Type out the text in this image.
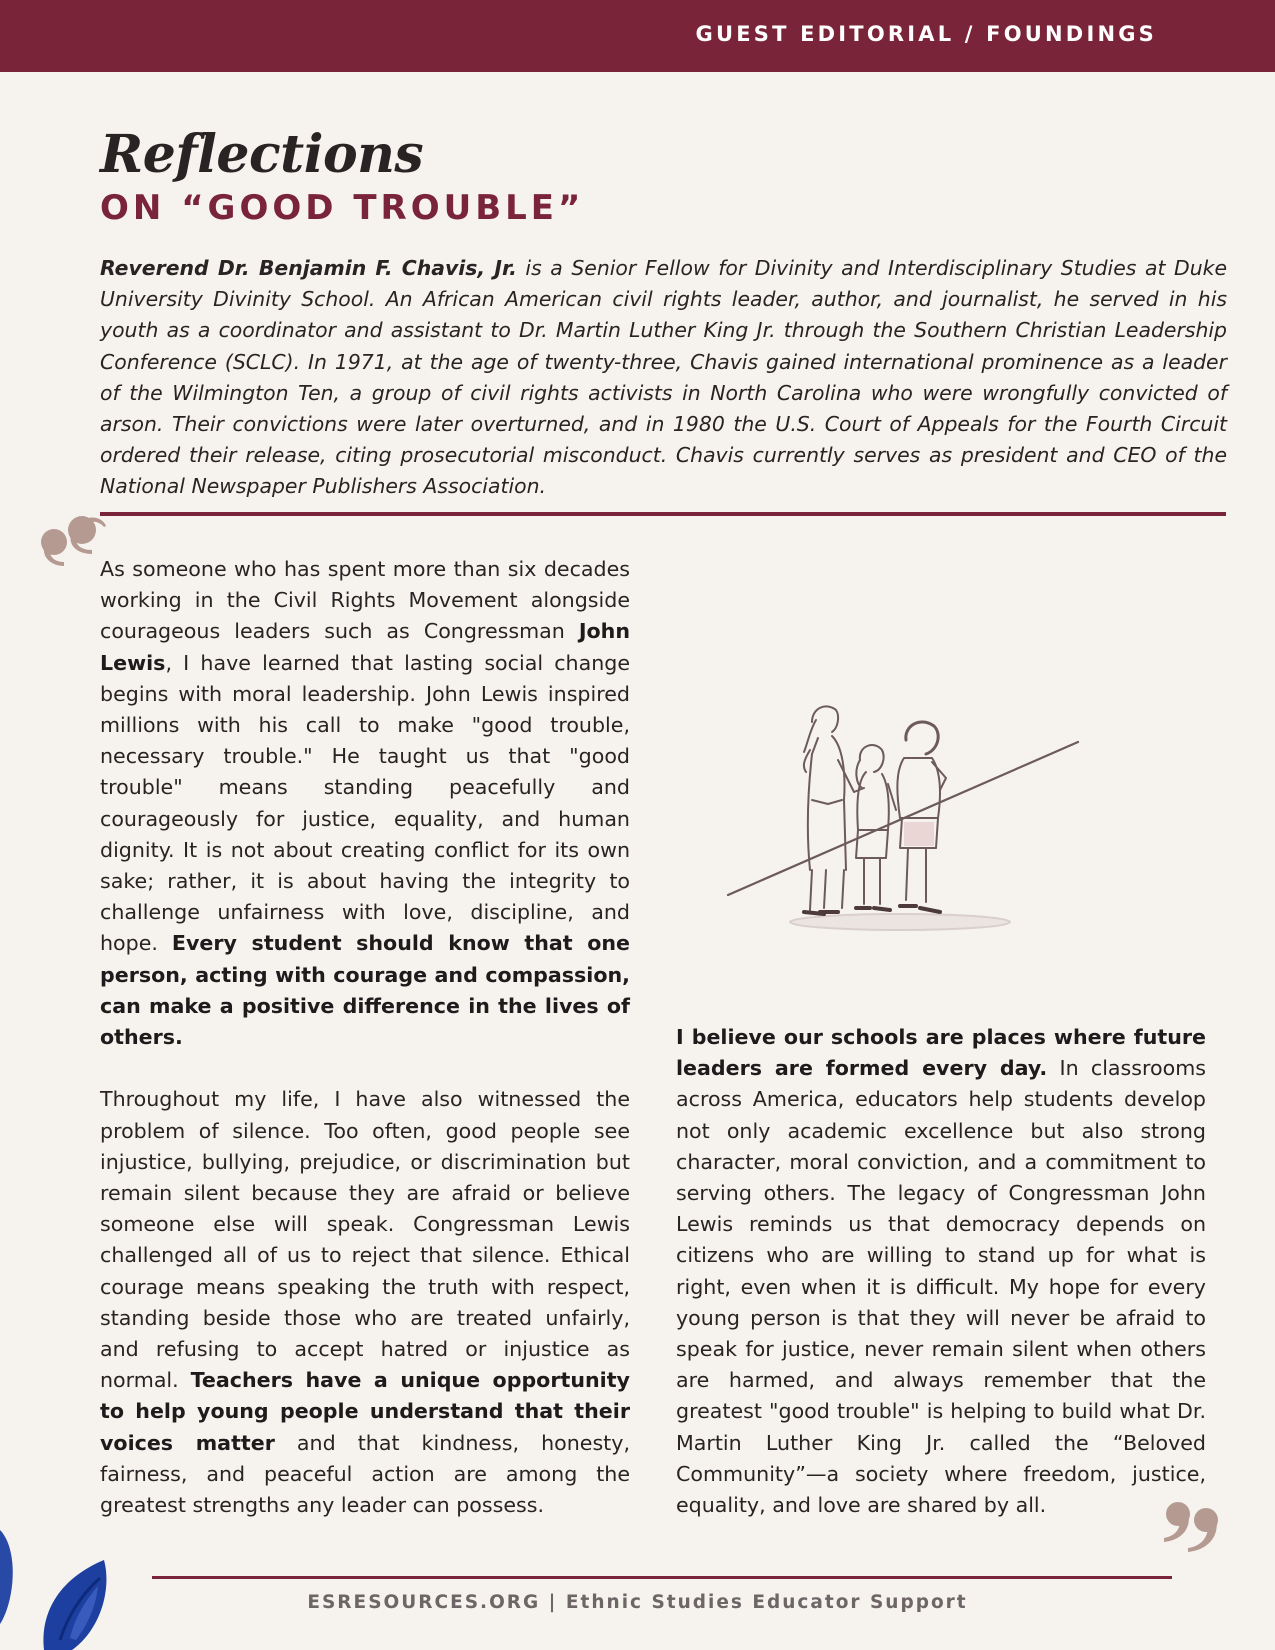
GUEST EDITORIAL / FOUNDINGS
Reflections
ON “GOOD TROUBLE”

Reverend Dr. Benjamin F. Chavis, Jr. is a Senior Fellow for Divinity and Interdisciplinary Studies at Duke University Divinity School. An African American civil rights leader, author, and journalist, he served in his youth as a coordinator and assistant to Dr. Martin Luther King Jr. through the Southern Christian Leadership Conference (SCLC). In 1971, at the age of twenty-three, Chavis gained international prominence as a leader of the Wilmington Ten, a group of civil rights activists in North Carolina who were wrongfully convicted of arson. Their convictions were later overturned, and in 1980 the U.S. Court of Appeals for the Fourth Circuit ordered their release, citing prosecutorial misconduct. Chavis currently serves as president and CEO of the National Newspaper Publishers Association.

As someone who has spent more than six decades working in the Civil Rights Movement alongside courageous leaders such as Congressman John Lewis, I have learned that lasting social change begins with moral leadership. John Lewis inspired millions with his call to make "good trouble, necessary trouble." He taught us that "good trouble" means standing peacefully and courageously for justice, equality, and human dignity. It is not about creating conflict for its own sake; rather, it is about having the integrity to challenge unfairness with love, discipline, and hope. Every student should know that one person, acting with courage and compassion, can make a positive difference in the lives of others.

Throughout my life, I have also witnessed the problem of silence. Too often, good people see injustice, bullying, prejudice, or discrimination but remain silent because they are afraid or believe someone else will speak. Congressman Lewis challenged all of us to reject that silence. Ethical courage means speaking the truth with respect, standing beside those who are treated unfairly, and refusing to accept hatred or injustice as normal. Teachers have a unique opportunity to help young people understand that their voices matter and that kindness, honesty, fairness, and peaceful action are among the greatest strengths any leader can possess.

I believe our schools are places where future leaders are formed every day. In classrooms across America, educators help students develop not only academic excellence but also strong character, moral conviction, and a commitment to serving others. The legacy of Congressman John Lewis reminds us that democracy depends on citizens who are willing to stand up for what is right, even when it is difficult. My hope for every young person is that they will never be afraid to speak for justice, never remain silent when others are harmed, and always remember that the greatest "good trouble" is helping to build what Dr. Martin Luther King Jr. called the “Beloved Community”—a society where freedom, justice, equality, and love are shared by all.

ESRESOURCES.ORG | Ethnic Studies Educator Support
